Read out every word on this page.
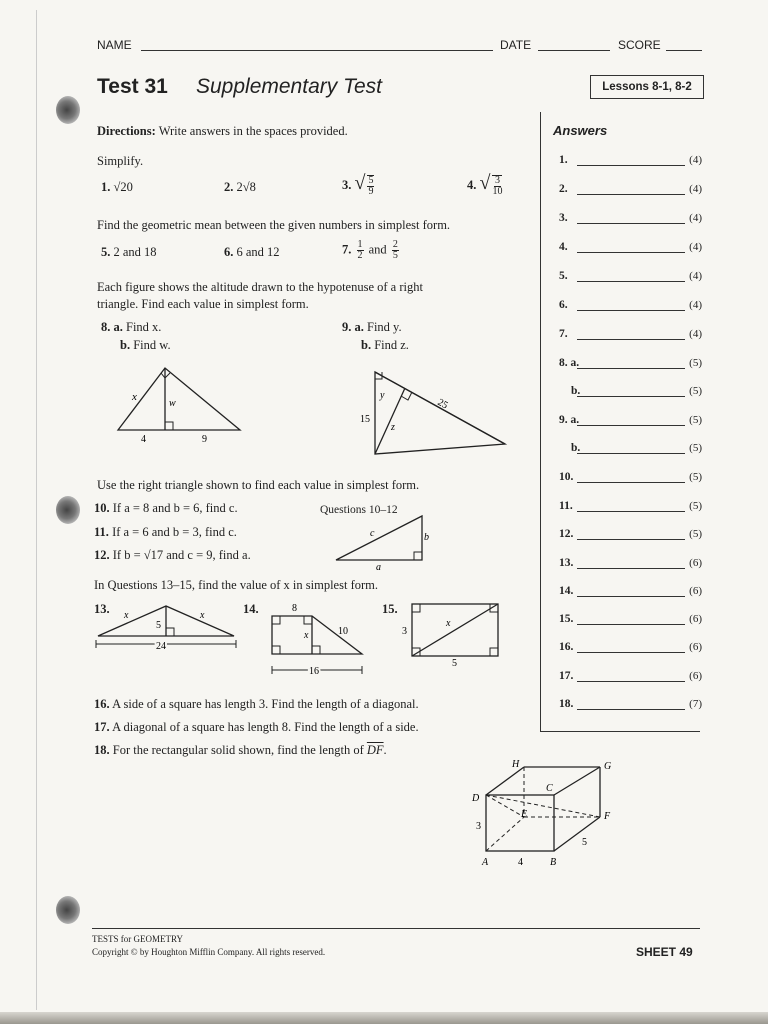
NAME	DATE	SCORE
Test 31 Supplementary Test	Lessons 8-1, 8-2
Answers
1.	(4)
2.	(4)
3.	(4)
4.	(4)
5.	(4)
6.	(4)
7.	(4)
8. a.	(5)
b.	(5)
9. a.	(5)
b.	(5)
10.	(5)
11.	(5)
12.	(5)
13.	(6)
14.	(6)
15.	(6)
16.	(6)
17.	(6)
18.	(7)
Directions: Write answers in the spaces provided.
Simplify.
1. √20	2. 2√8	3. √ $\frac{5}{9}$	4. √ $\frac{3}{10}$
Find the geometric mean between the given numbers in simplest form.
5. 2 and 18	6. 6 and 12	7. $\frac{1}{2}$ and $\frac{2}{5}$
Each figure shows the altitude drawn to the hypotenuse of a right
triangle. Find each value in simplest form.
8. a. Find x.
b. Find w.
9. a. Find y.
b. Find z.
x
w
4	9
y
z
15
25
Use the right triangle shown to find each value in simplest form.
10. If a = 8 and b = 6, find c.
11. If a = 6 and b = 3, find c.
12. If b = √17 and c = 9, find a.
Questions 10–12
c	b
a
In Questions 13–15, find the value of x in simplest form.
13.	14.	15.
x	x
5
24
8
x	10
16
x
3
5
16. A side of a square has length 3. Find the length of a diagonal.
17. A diagonal of a square has length 8. Find the length of a side.
18. For the rectangular solid shown, find the length of $\overline{DF}$.
H	G
D
C
E	F
A	B
3
4
5
TESTS for GEOMETRY
Copyright © by Houghton Mifflin Company. All rights reserved.	SHEET 49
